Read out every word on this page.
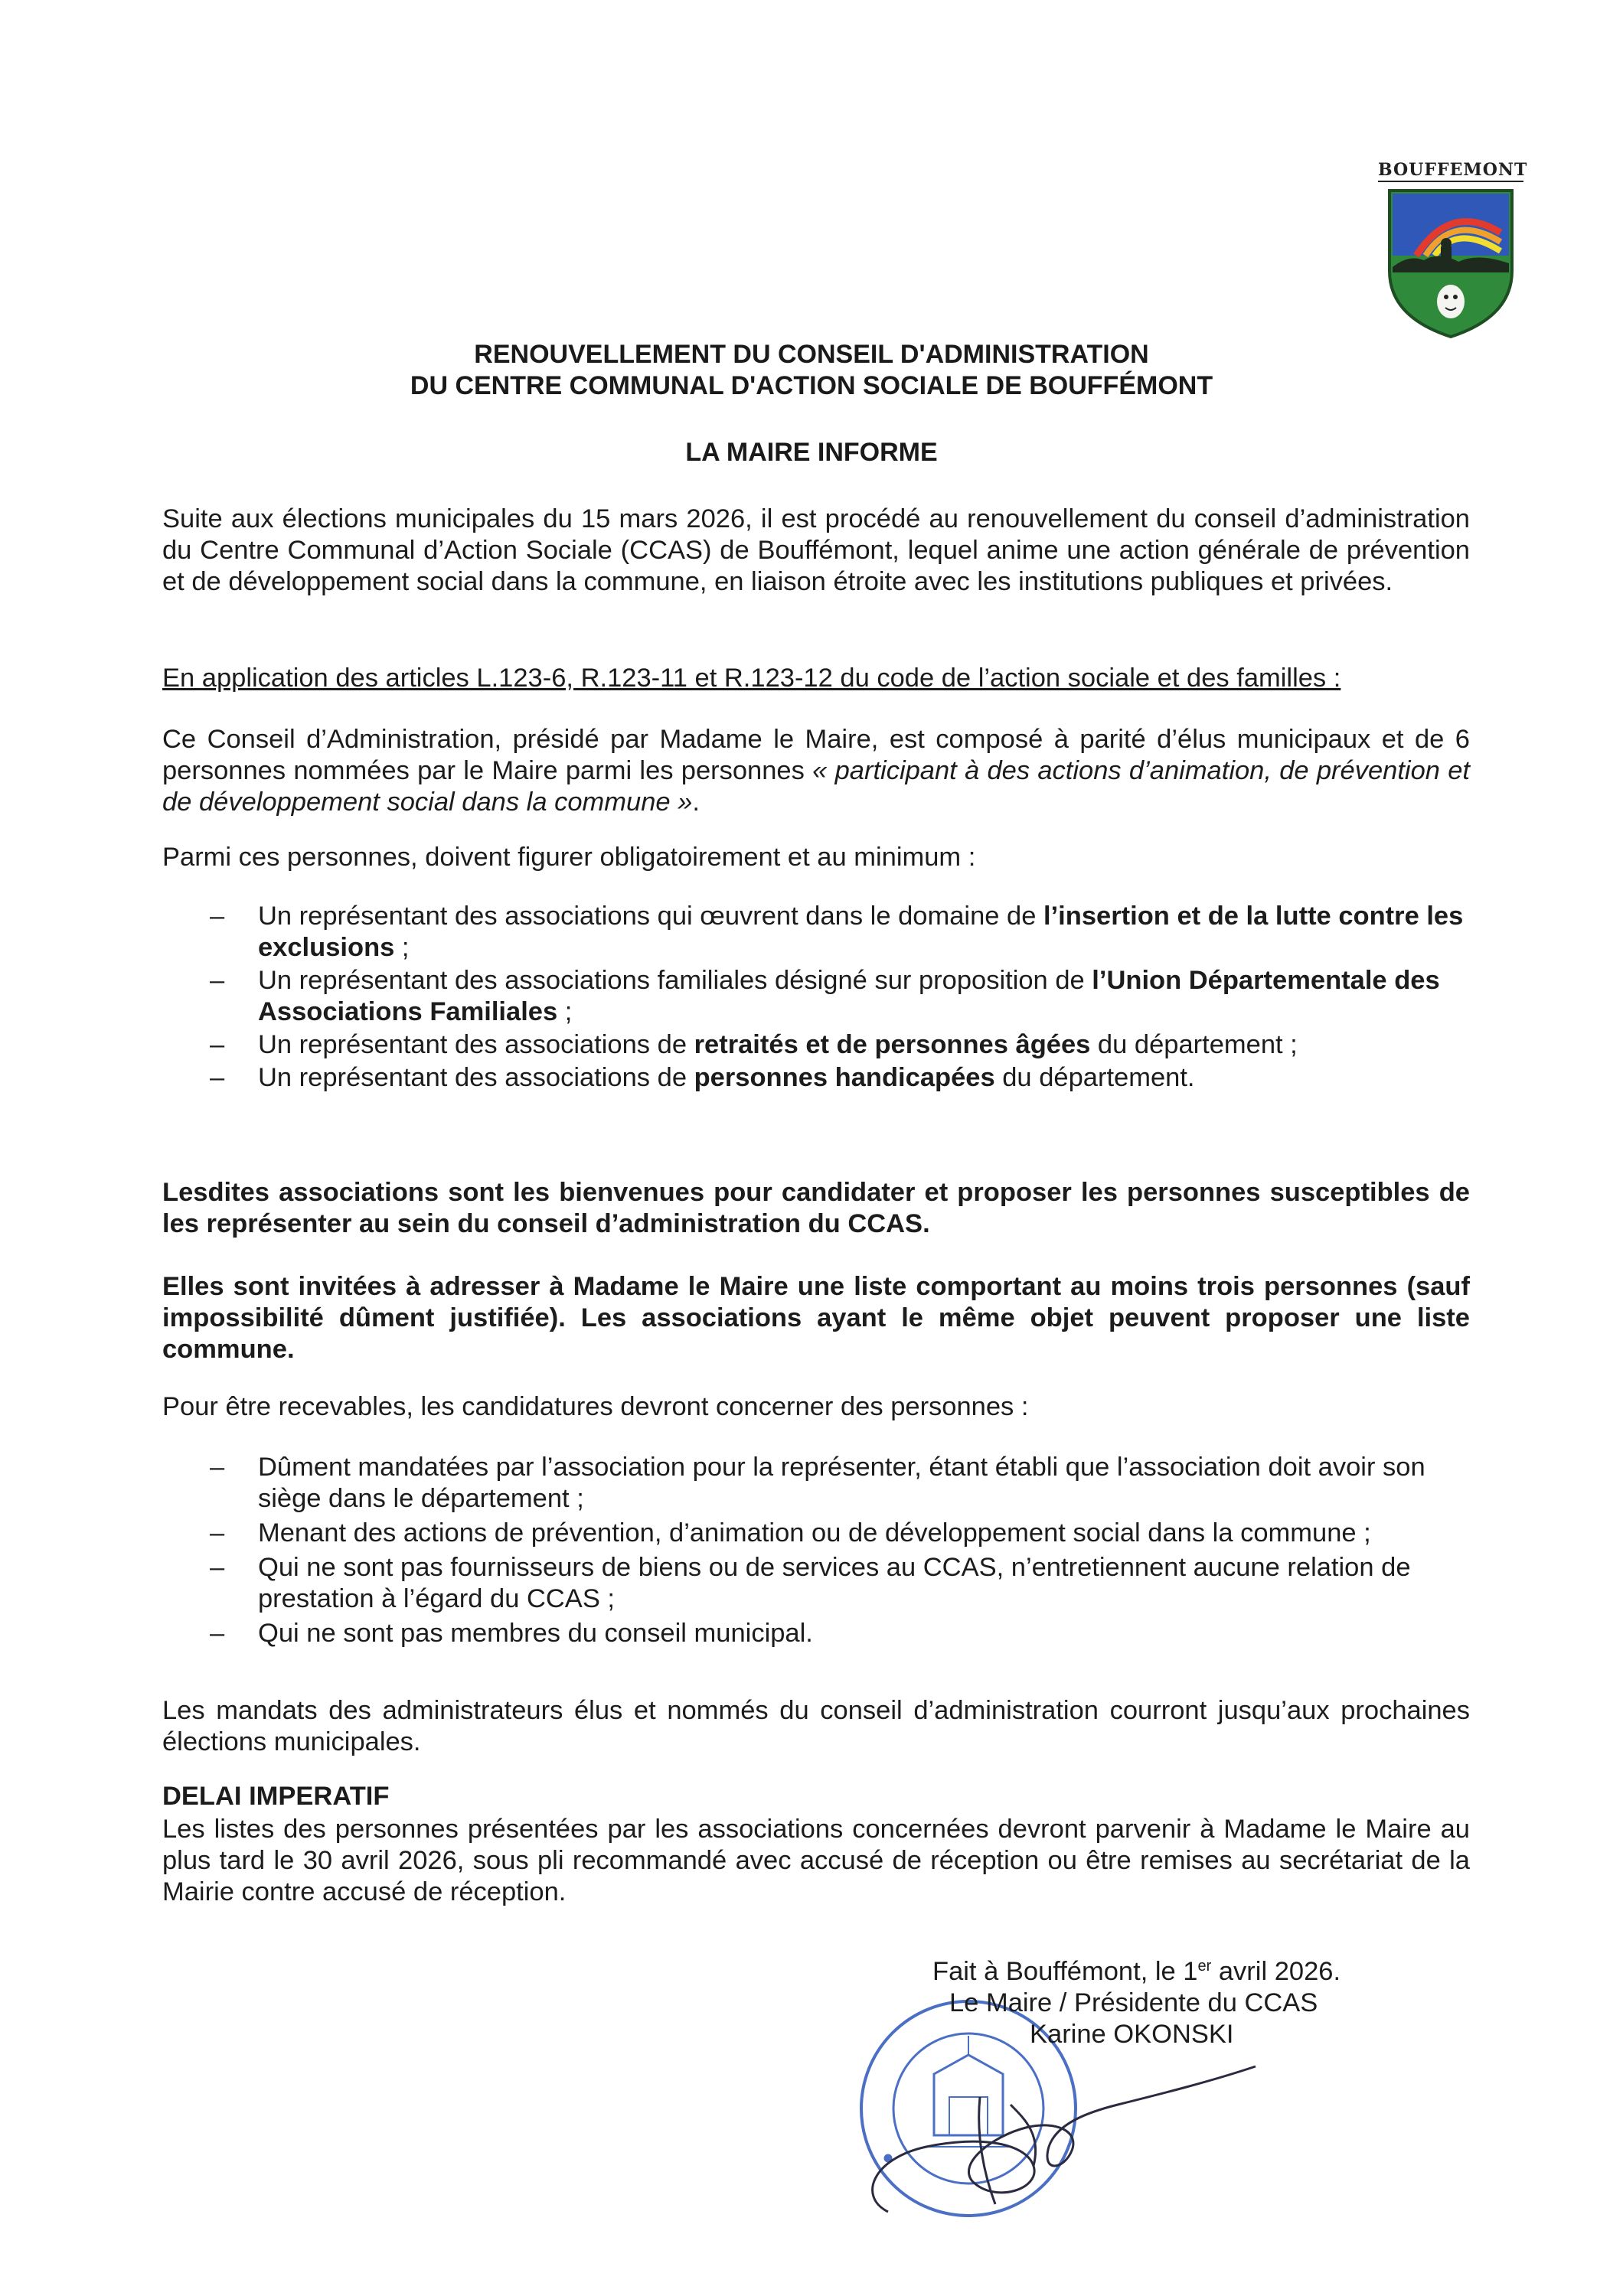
BOUFFEMONT
RENOUVELLEMENT DU CONSEIL D'ADMINISTRATION
DU CENTRE COMMUNAL D'ACTION SOCIALE DE BOUFFÉMONT
LA MAIRE INFORME
Suite aux élections municipales du 15 mars 2026, il est procédé au renouvellement du conseil d’administration du Centre Communal d’Action Sociale (CCAS) de Bouffémont, lequel anime une action générale de prévention et de développement social dans la commune, en liaison étroite avec les institutions publiques et privées.
En application des articles L.123-6, R.123-11 et R.123-12 du code de l’action sociale et des familles :
Ce Conseil d’Administration, présidé par Madame le Maire, est composé à parité d’élus municipaux et de 6 personnes nommées par le Maire parmi les personnes « participant à des actions d’animation, de prévention et de développement social dans la commune ».
Parmi ces personnes, doivent figurer obligatoirement et au minimum :
– Un représentant des associations qui œuvrent dans le domaine de l’insertion et de la lutte contre les exclusions ;
– Un représentant des associations familiales désigné sur proposition de l’Union Départementale des Associations Familiales ;
– Un représentant des associations de retraités et de personnes âgées du département ;
– Un représentant des associations de personnes handicapées du département.
Lesdites associations sont les bienvenues pour candidater et proposer les personnes susceptibles de les représenter au sein du conseil d’administration du CCAS.
Elles sont invitées à adresser à Madame le Maire une liste comportant au moins trois personnes (sauf impossibilité dûment justifiée). Les associations ayant le même objet peuvent proposer une liste commune.
Pour être recevables, les candidatures devront concerner des personnes :
– Dûment mandatées par l’association pour la représenter, étant établi que l’association doit avoir son siège dans le département ;
– Menant des actions de prévention, d’animation ou de développement social dans la commune ;
– Qui ne sont pas fournisseurs de biens ou de services au CCAS, n’entretiennent aucune relation de prestation à l’égard du CCAS ;
– Qui ne sont pas membres du conseil municipal.
Les mandats des administrateurs élus et nommés du conseil d’administration courront jusqu’aux prochaines élections municipales.
DELAI IMPERATIF
Les listes des personnes présentées par les associations concernées devront parvenir à Madame le Maire au plus tard le 30 avril 2026, sous pli recommandé avec accusé de réception ou être remises au secrétariat de la Mairie contre accusé de réception.
Fait à Bouffémont, le 1er avril 2026.
Le Maire / Présidente du CCAS
Karine OKONSKI
